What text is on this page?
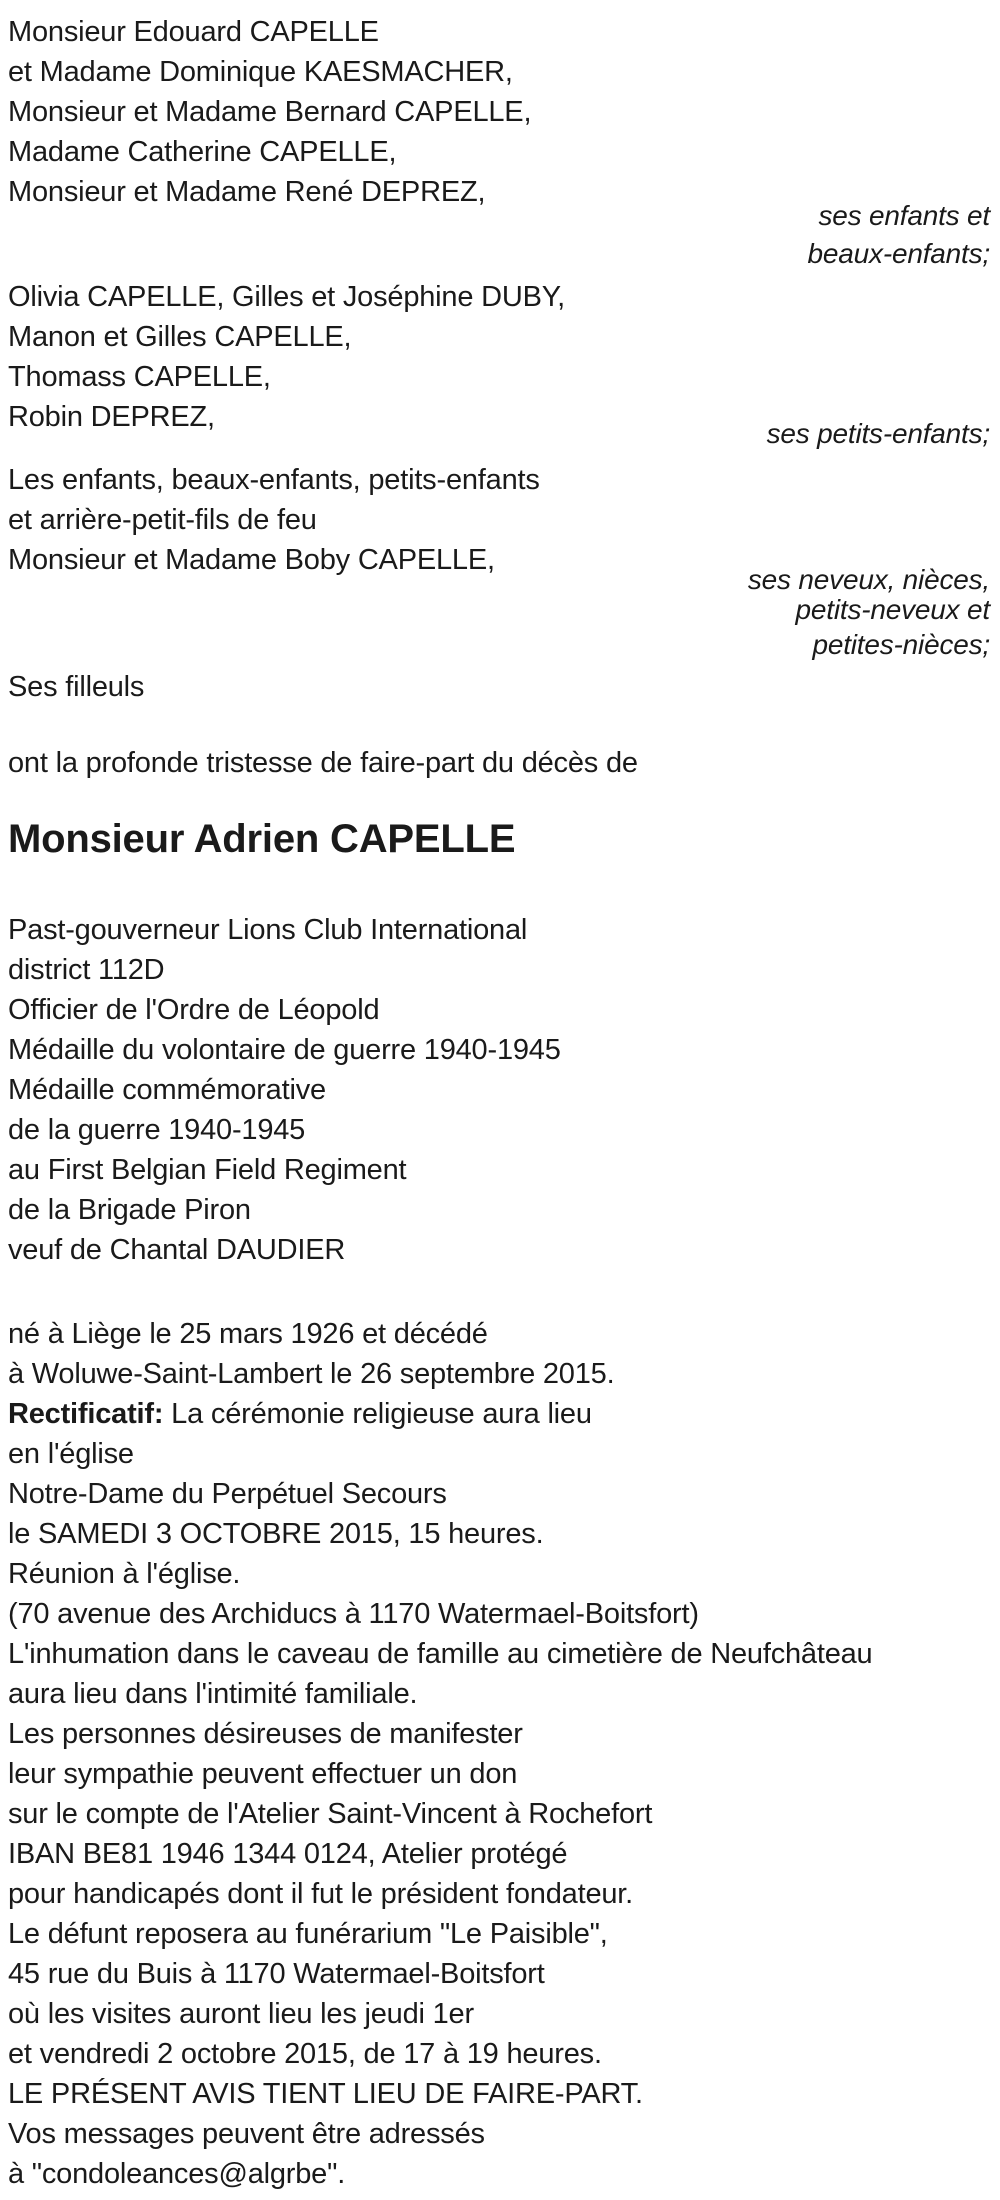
Monsieur Edouard CAPELLE

et Madame Dominique KAESMACHER,

Monsieur et Madame Bernard CAPELLE,

Madame Catherine CAPELLE,

Monsieur et Madame René DEPREZ,

ses enfants et

beaux-enfants;

Olivia CAPELLE, Gilles et Joséphine DUBY,

Manon et Gilles CAPELLE,

Thomass CAPELLE,

Robin DEPREZ,

ses petits-enfants;

Les enfants, beaux-enfants, petits-enfants

et arrière-petit-fils de feu

Monsieur et Madame Boby CAPELLE,

ses neveux, nièces,

petits-neveux et

petites-nièces;

Ses filleuls

ont la profonde tristesse de faire-part du décès de

Monsieur Adrien CAPELLE

Past-gouverneur Lions Club International

district 112D

Officier de l'Ordre de Léopold

Médaille du volontaire de guerre 1940-1945

Médaille commémorative

de la guerre 1940-1945

au First Belgian Field Regiment

de la Brigade Piron

veuf de Chantal DAUDIER

né à Liège le 25 mars 1926 et décédé

à Woluwe-Saint-Lambert le 26 septembre 2015.

Rectificatif: La cérémonie religieuse aura lieu

en l'église

Notre-Dame du Perpétuel Secours

le SAMEDI 3 OCTOBRE 2015, 15 heures.

Réunion à l'église.

(70 avenue des Archiducs à 1170 Watermael-Boitsfort)

L'inhumation dans le caveau de famille au cimetière de Neufchâteau

aura lieu dans l'intimité familiale.

Les personnes désireuses de manifester

leur sympathie peuvent effectuer un don

sur le compte de l'Atelier Saint-Vincent à Rochefort

IBAN BE81 1946 1344 0124, Atelier protégé

pour handicapés dont il fut le président fondateur.

Le défunt reposera au funérarium "Le Paisible",

45 rue du Buis à 1170 Watermael-Boitsfort

où les visites auront lieu les jeudi 1er

et vendredi 2 octobre 2015, de 17 à 19 heures.

LE PRÉSENT AVIS TIENT LIEU DE FAIRE-PART.

Vos messages peuvent être adressés

à "condoleances@algrbe".
